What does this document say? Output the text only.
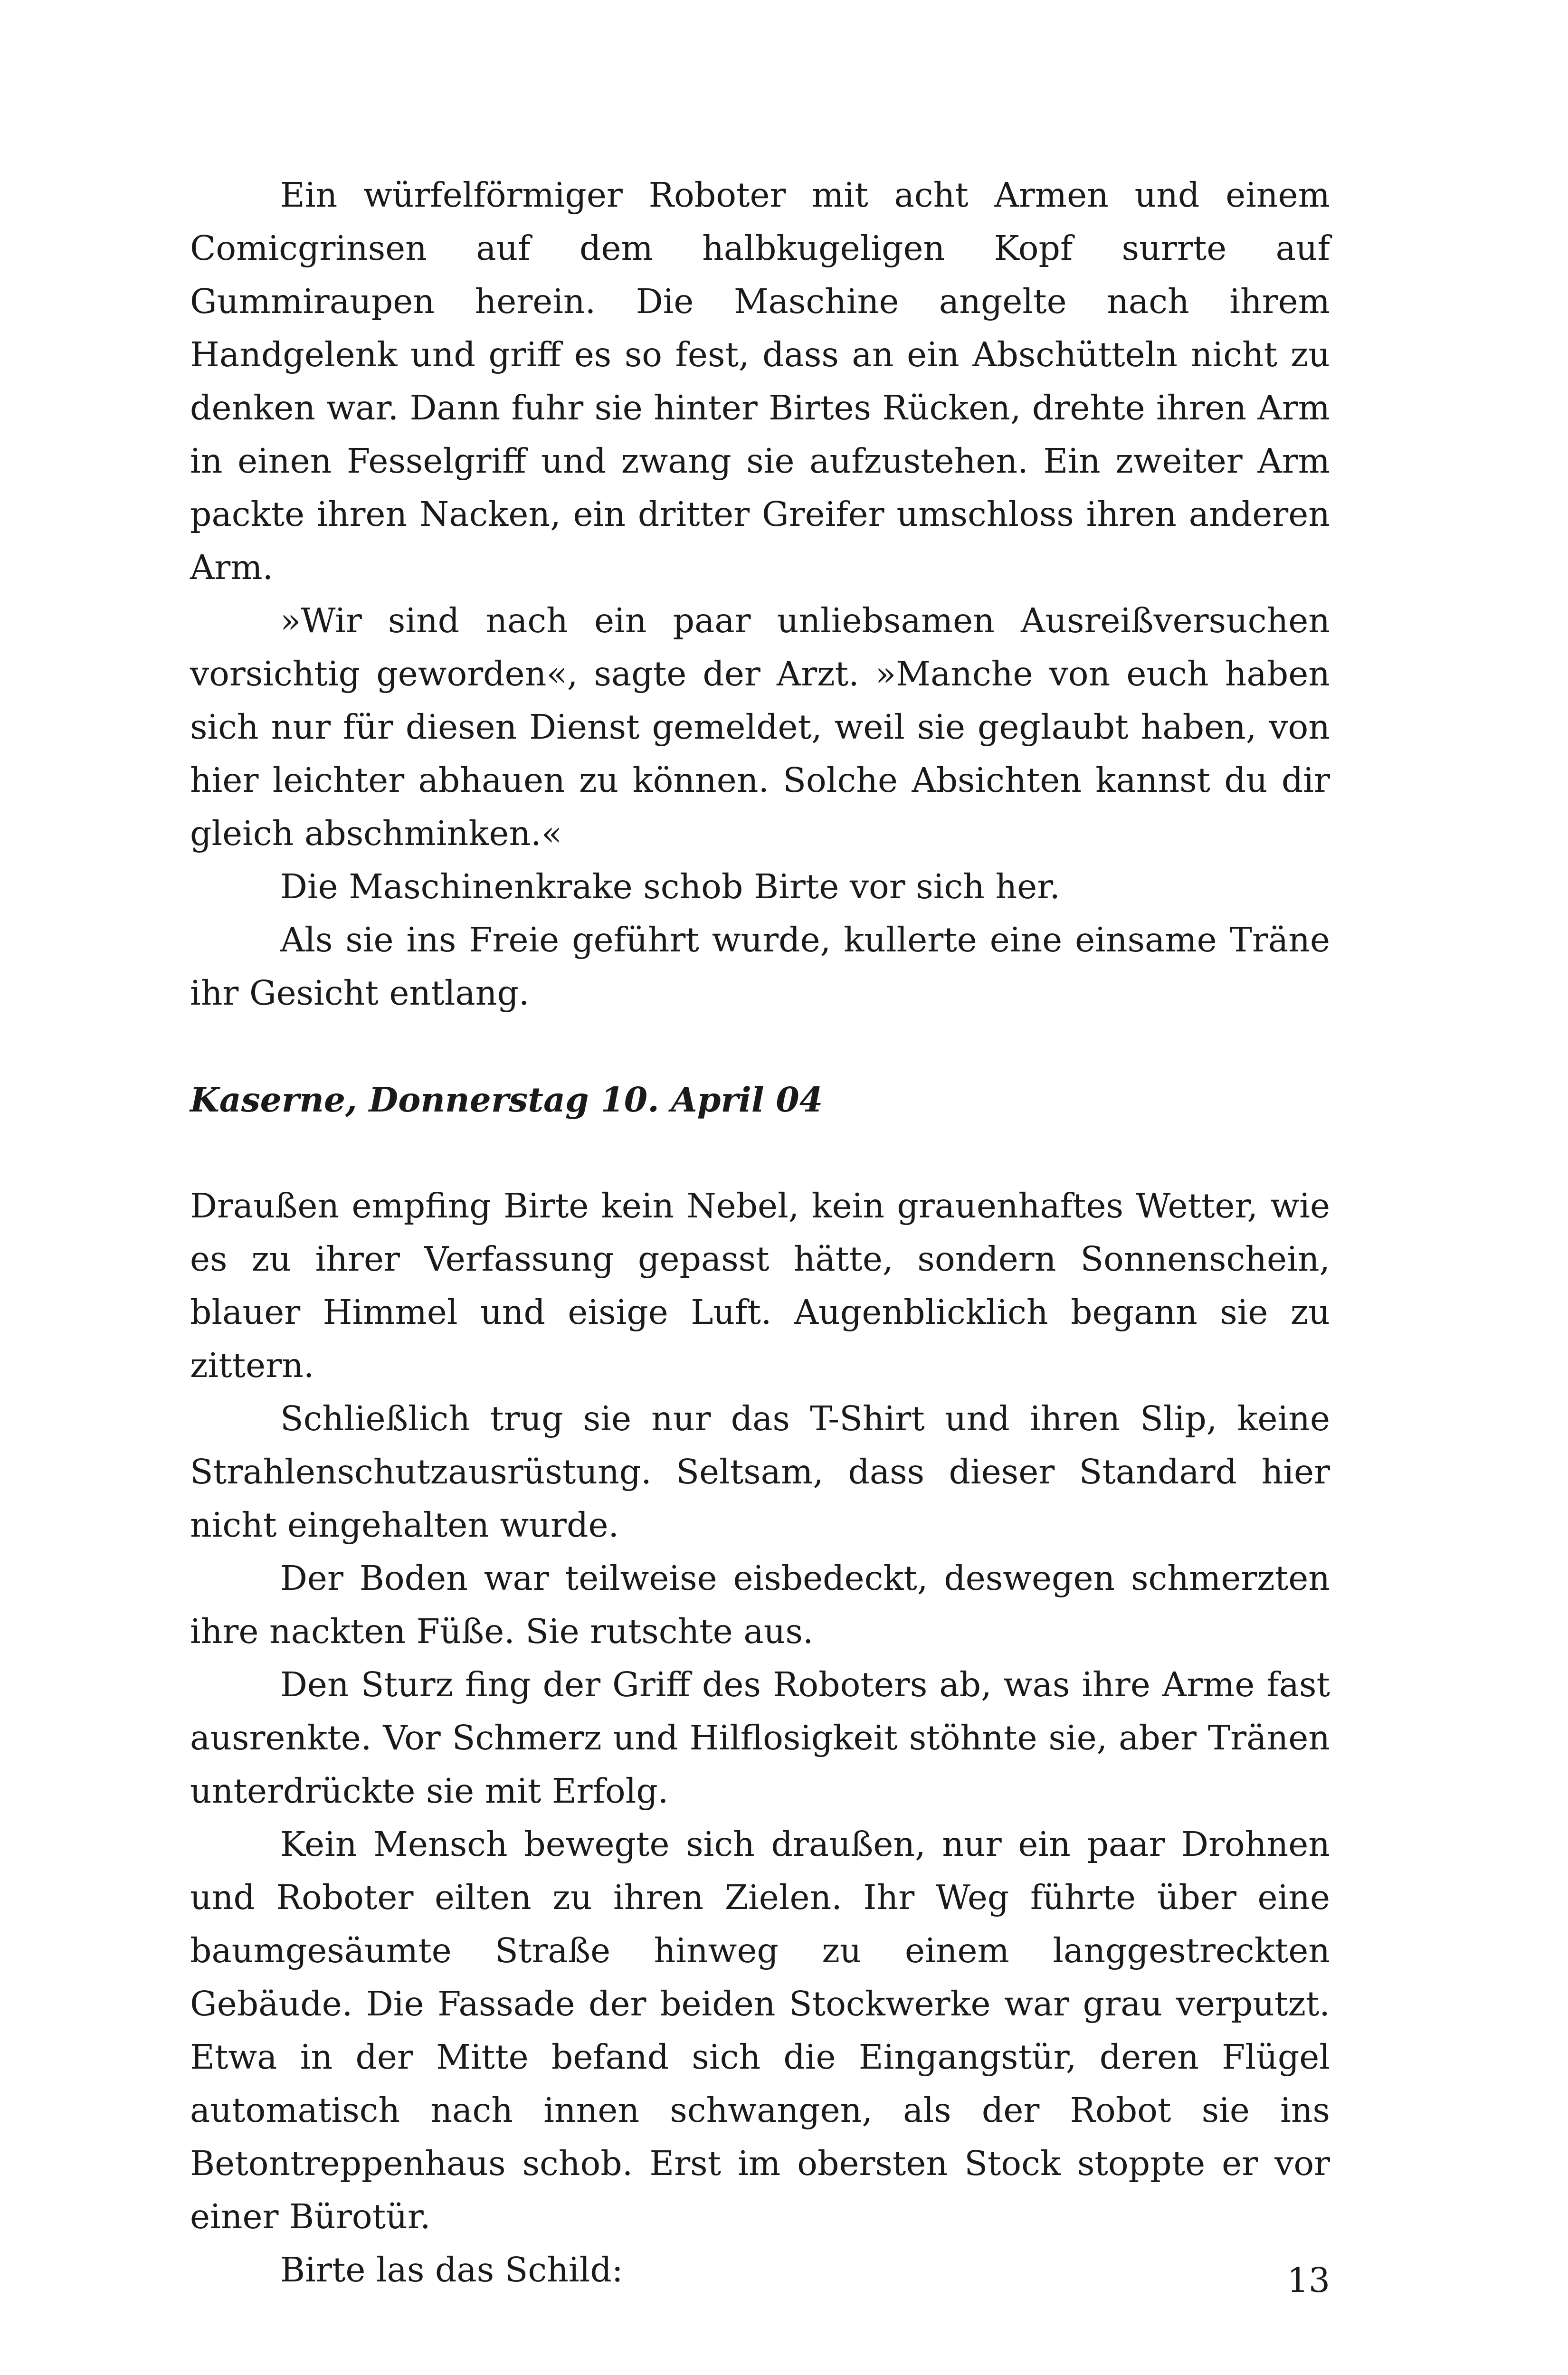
Ein würfelförmiger Roboter mit acht Armen und einem Comicgrinsen auf dem halbkugeligen Kopf surrte auf Gummiraupen herein. Die Maschine angelte nach ihrem Handgelenk und griff es so fest, dass an ein Abschütteln nicht zu denken war. Dann fuhr sie hinter Birtes Rücken, drehte ihren Arm in einen Fesselgriff und zwang sie aufzustehen. Ein zweiter Arm packte ihren Nacken, ein dritter Greifer umschloss ihren anderen Arm.

»Wir sind nach ein paar unliebsamen Ausreißversuchen vorsichtig geworden«, sagte der Arzt. »Manche von euch haben sich nur für diesen Dienst gemeldet, weil sie geglaubt haben, von hier leichter abhauen zu können. Solche Absichten kannst du dir gleich abschminken.«

Die Maschinenkrake schob Birte vor sich her.

Als sie ins Freie geführt wurde, kullerte eine einsame Träne ihr Gesicht entlang.

Kaserne, Donnerstag 10. April 04

Draußen empfing Birte kein Nebel, kein grauenhaftes Wetter, wie es zu ihrer Verfassung gepasst hätte, sondern Sonnenschein, blauer Himmel und eisige Luft. Augenblicklich begann sie zu zittern.

Schließlich trug sie nur das T-Shirt und ihren Slip, keine Strahlenschutzausrüstung. Seltsam, dass dieser Standard hier nicht eingehalten wurde.

Der Boden war teilweise eisbedeckt, deswegen schmerzten ihre nackten Füße. Sie rutschte aus.

Den Sturz fing der Griff des Roboters ab, was ihre Arme fast ausrenkte. Vor Schmerz und Hilflosigkeit stöhnte sie, aber Tränen unterdrückte sie mit Erfolg.

Kein Mensch bewegte sich draußen, nur ein paar Drohnen und Roboter eilten zu ihren Zielen. Ihr Weg führte über eine baumgesäumte Straße hinweg zu einem langgestreckten Gebäude. Die Fassade der beiden Stockwerke war grau verputzt. Etwa in der Mitte befand sich die Eingangstür, deren Flügel automatisch nach innen schwangen, als der Robot sie ins Betontreppenhaus schob. Erst im obersten Stock stoppte er vor einer Bürotür.

Birte las das Schild:	13
